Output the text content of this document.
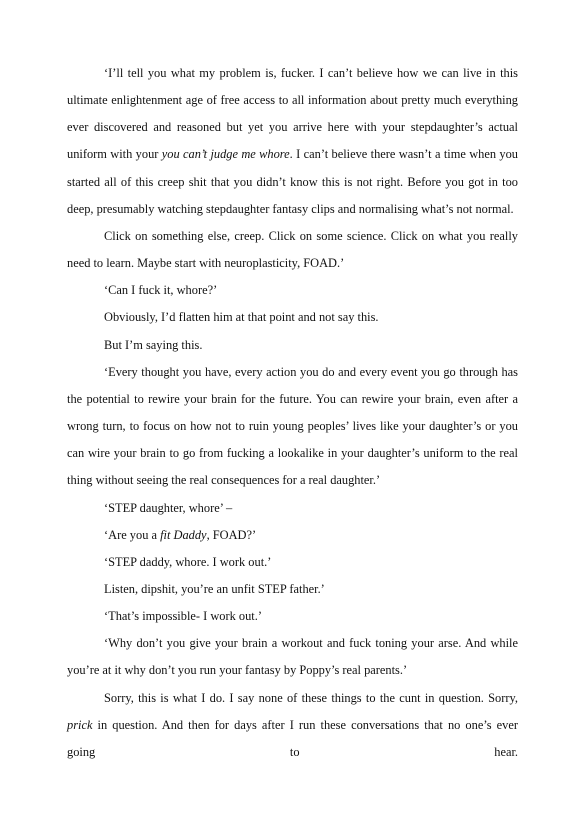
‘I’ll tell you what my problem is, fucker. I can’t believe how we can live in this ultimate enlightenment age of free access to all information about pretty much everything ever discovered and reasoned but yet you arrive here with your stepdaughter’s actual uniform with your you can’t judge me whore. I can’t believe there wasn’t a time when you started all of this creep shit that you didn’t know this is not right. Before you got in too deep, presumably watching stepdaughter fantasy clips and normalising what’s not normal.

Click on something else, creep. Click on some science. Click on what you really need to learn. Maybe start with neuroplasticity, FOAD.’

‘Can I fuck it, whore?’

Obviously, I’d flatten him at that point and not say this.

But I’m saying this.

‘Every thought you have, every action you do and every event you go through has the potential to rewire your brain for the future. You can rewire your brain, even after a wrong turn, to focus on how not to ruin young peoples’ lives like your daughter’s or you can wire your brain to go from fucking a lookalike in your daughter’s uniform to the real thing without seeing the real consequences for a real daughter.’

‘STEP daughter, whore’ –

‘Are you a fit Daddy, FOAD?’

‘STEP daddy, whore. I work out.’

Listen, dipshit, you’re an unfit STEP father.’

‘That’s impossible- I work out.’

‘Why don’t you give your brain a workout and fuck toning your arse. And while you’re at it why don’t you run your fantasy by Poppy’s real parents.’

Sorry, this is what I do. I say none of these things to the cunt in question. Sorry, prick in question. And then for days after I run these conversations that no one’s ever going to hear.
